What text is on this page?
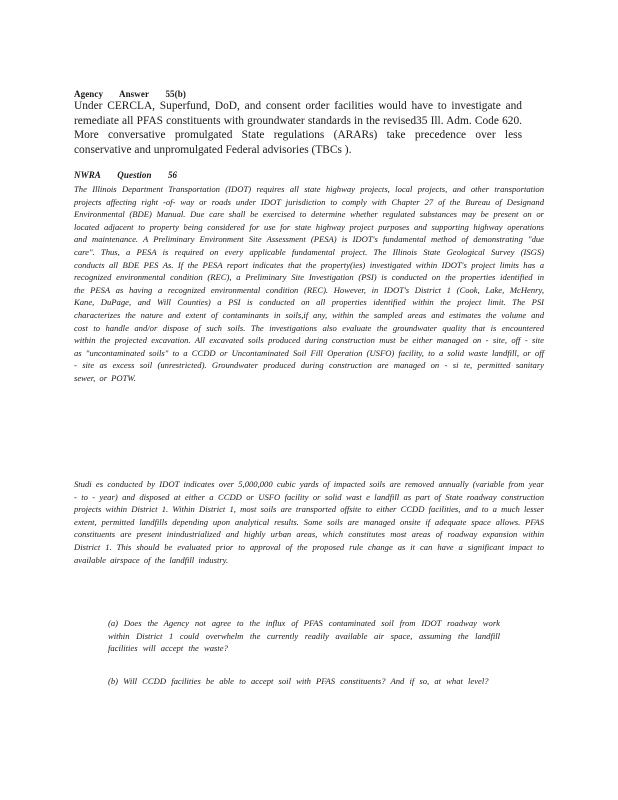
Agency Answer 55(b)
Under CERCLA, Superfund, DoD, and consent order facilities would have to investigate and remediate all PFAS constituents with groundwater standards in the revised35 Ill. Adm. Code 620. More conversative promulgated State regulations (ARARs) take precedence over less conservative and unpromulgated Federal advisories (TBCs ).
NWRA Question 56
The Illinois Department Transportation (IDOT) requires all state highway projects, local projects, and other transportation projects affecting right -of- way or roads under IDOT jurisdiction to comply with Chapter 27 of the Bureau of Designand Environmental (BDE) Manual. Due care shall be exercised to determine whether regulated substances may be present on or located adjacent to property being considered for use for state highway project purposes and supporting highway operations and maintenance. A Preliminary Environment Site Assessment (PESA) is IDOT's fundamental method of demonstrating "due care". Thus, a PESA is required on every applicable fundamental project. The Illinois State Geological Survey (ISGS) conducts all BDE PES As. If the PESA report indicates that the property(ies) investigated within IDOT's project limits has a recognized environmental condition (REC), a Preliminary Site Investigation (PSI) is conducted on the properties identified in the PESA as having a recognized environmental condition (REC). However, in IDOT's District 1 (Cook, Lake, McHenry, Kane, DuPage, and Will Counties) a PSI is conducted on all properties identified within the project limit. The PSI characterizes the nature and extent of contaminants in soils,if any, within the sampled areas and estimates the volume and cost to handle and/or dispose of such soils. The investigations also evaluate the groundwater quality that is encountered within the projected excavation. All excavated soils produced during construction must be either managed on - site, off - site as "uncontaminated soils" to a CCDD or Uncontaminated Soil Fill Operation (USFO) facility, to a solid waste landfill, or off - site as excess soil (unrestricted). Groundwater produced during construction are managed on - si te, permitted sanitary sewer, or POTW.
Studi es conducted by IDOT indicates over 5,000,000 cubic yards of impacted soils are removed annually (variable from year - to - year) and disposed at either a CCDD or USFO facility or solid wast e landfill as part of State roadway construction projects within District 1. Within District 1, most soils are transported offsite to either CCDD facilities, and to a much lesser extent, permitted landfills depending upon analytical results. Some soils are managed onsite if adequate space allows. PFAS constituents are present inindustrialized and highly urban areas, which constitutes most areas of roadway expansion within District 1. This should be evaluated prior to approval of the proposed rule change as it can have a significant impact to available airspace of the landfill industry.
(a) Does the Agency not agree to the influx of PFAS contaminated soil from IDOT roadway work within District 1 could overwhelm the currently readily available air space, assuming the landfill facilities will accept the waste?
(b) Will CCDD facilities be able to accept soil with PFAS constituents? And if so, at what level?
